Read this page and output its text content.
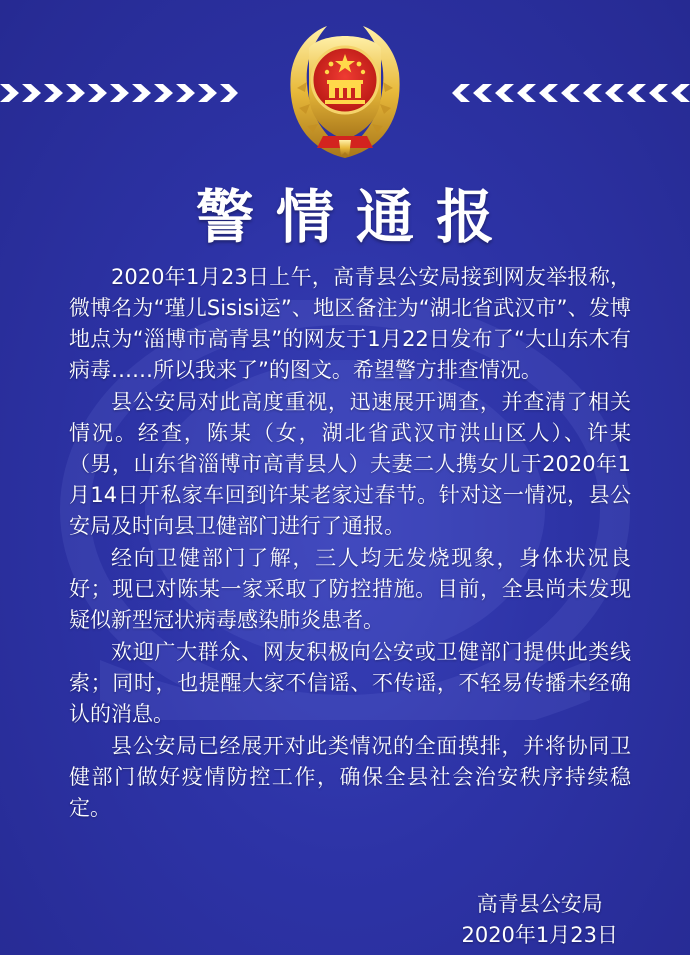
警情通报

2020年1月23日上午，高青县公安局接到网友举报称，微博名为“瑾儿Sisisi运”、地区备注为“湖北省武汉市”、发博地点为“淄博市高青县”的网友于1月22日发布了“大山东木有病毒……所以我来了”的图文。希望警方排查情况。

县公安局对此高度重视，迅速展开调查，并查清了相关情况。经查，陈某（女，湖北省武汉市洪山区人）、许某（男，山东省淄博市高青县人）夫妻二人携女儿于2020年1月14日开私家车回到许某老家过春节。针对这一情况，县公安局及时向县卫健部门进行了通报。

经向卫健部门了解，三人均无发烧现象，身体状况良好；现已对陈某一家采取了防控措施。目前，全县尚未发现疑似新型冠状病毒感染肺炎患者。

欢迎广大群众、网友积极向公安或卫健部门提供此类线索；同时，也提醒大家不信谣、不传谣，不轻易传播未经确认的消息。

县公安局已经展开对此类情况的全面摸排，并将协同卫健部门做好疫情防控工作，确保全县社会治安秩序持续稳定。

高青县公安局
2020年1月23日
